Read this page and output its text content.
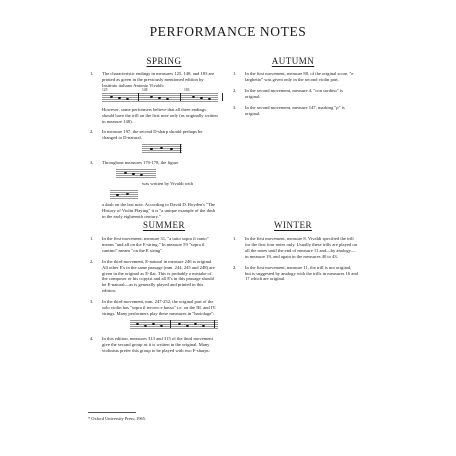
PERFORMANCE NOTES
SPRING
1. The characteristic endings in measures 125, 148, and 183 are printed as given in the previously mentioned edition by Instituto italiano Antonio Vivaldi:

125	148	183

However, some performers believe that all three endings should have the trill on the first note only (as originally written in measure 148).

2. In measure 197, the second D-sharp should perhaps be changed to D-natural.

3. Throughout measures 170-178, the figure

was written by Vivaldi with

a dash on the last note. According to David D. Boyden's "The History of Violin Playing" it is "a unique example of the dash in the early eighteenth century."

AUTUMN
1. In the first movement, measure 80, of the original score, "e larghetto" was given only in the second violin part.

2. In the second movement, measure 4, "con sordino" is original.

3. In the second movement, measure 147, marking "p" is original.

SUMMER
1. In the first movement, measure 31, "a tutto sopra il canto" means "and all on the E-string." In measure 59 "sopra il cantino" means "on the E string".

2. In the third movement, E-natural in measure 246 is original. All other E's in the same passage (mm. 244, 245 and 248) are given in the original as E-flat. This is probably a mistake of the composer or his copyist and all E's in this passage should be E-natural—as is generally played and printed in this edition.

3. In the third movement, mm. 247-252, the original part of the solo violin has "sopra il tercero e basso" i.e. on the III. and IV. strings. Many performers play these measures in "bariolage":

4. In this edition, measures 313 and 315 of the third movement give the second group as it is written in the original. Many violinists prefer this group to be played with two F-sharps:

WINTER
1. In the first movement, measure 8, Vivaldi specified the trill for the first four notes only. Usually these trills are played on all the notes until the end of measure 11 and—by analogy—in measure 19, and again in the measures 40 to 43.

2. In the first movement, measure 11, the trill is not original, but is suggested by analogy with the trills in measures 16 and 17 which are original.

* Oxford University Press, 1965.
